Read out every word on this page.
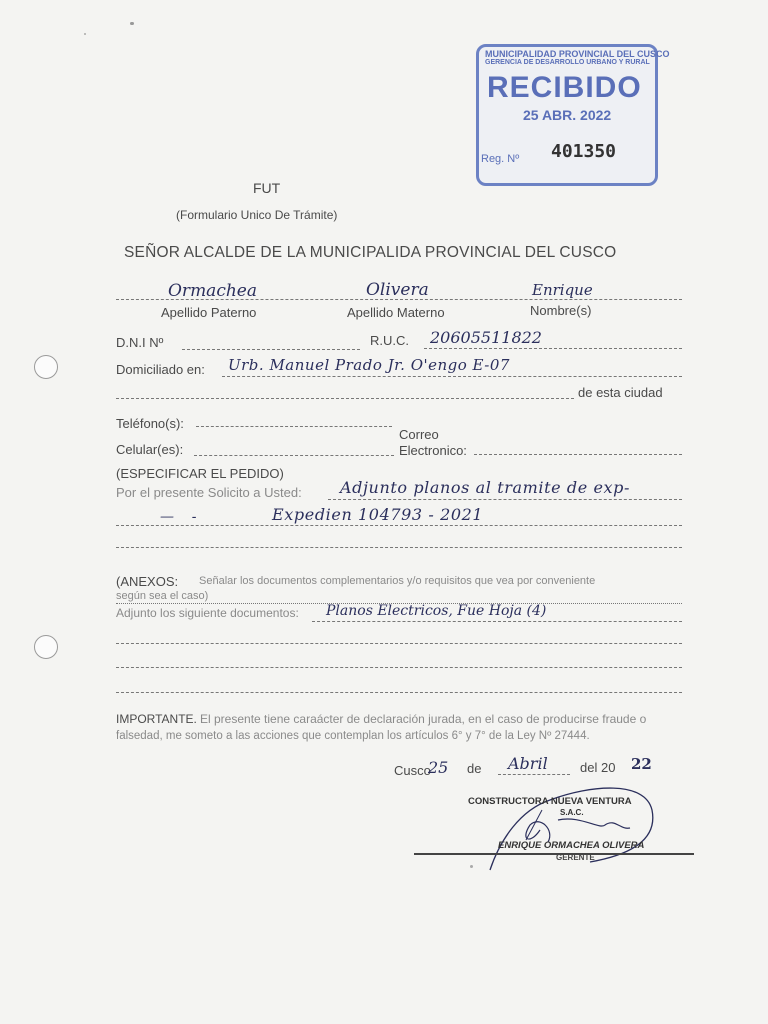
MUNICIPALIDAD PROVINCIAL DEL CUSCO
GERENCIA DE DESARROLLO URBANO Y RURAL
RECIBIDO
25 ABR. 2022
Reg. Nº 401350
FUT
(Formulario Unico De Trámite)
SEÑOR ALCALDE DE LA MUNICIPALIDA PROVINCIAL DEL CUSCO
Ormachea	Olivera	Enrique
Apellido Paterno	Apellido Materno	Nombre(s)
D.N.I Nº	R.U.C. 20605511822
Domiciliado en: Urb. Manuel Prado Jr. O'engo E-07
de esta ciudad
Teléfono(s):
Correo
Celular(es):	Electronico:
(ESPECIFICAR EL PEDIDO)
Por el presente Solicito a Usted: Adjunto planos al tramite de exp-
—    -	Expedien 104793 - 2021
(ANEXOS: Señalar los documentos complementarios y/o requisitos que vea por conveniente
según sea el caso)
Adjunto los siguiente documentos: Planos Electricos, Fue Hoja (4)
IMPORTANTE. El presente tiene caraácter de declaración jurada, en el caso de producirse fraude o
falsedad, me someto a las acciones que contemplan los artículos 6° y 7° de la Ley Nº 27444.
Cusco
25 de Abril del 20 22
CONSTRUCTORA NUEVA VENTURA
S.A.C.
ENRIQUE ORMACHEA OLIVERA
GERENTE
